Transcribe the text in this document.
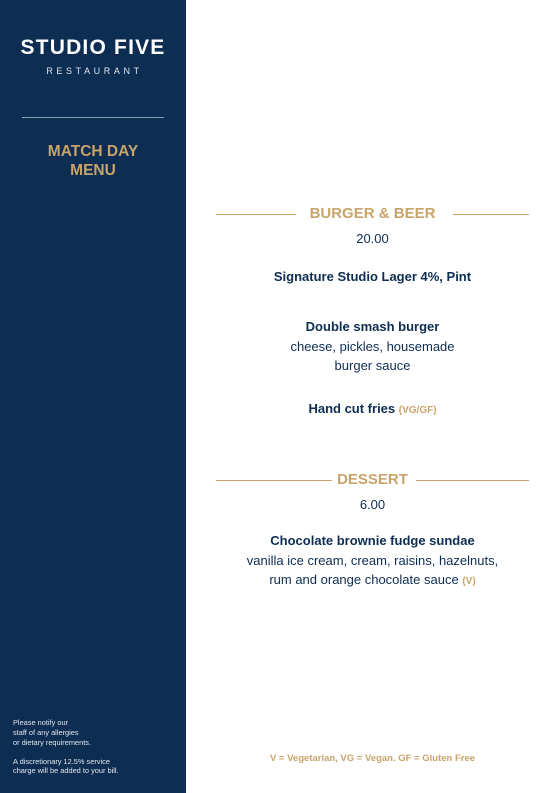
STUDIO FIVE
RESTAURANT
MATCH DAY
MENU

Please notify our
staff of any allergies
or dietary requirements.

A discretionary 12.5% service
charge will be added to your bill.

BURGER & BEER
20.00
Signature Studio Lager 4%, Pint
Double smash burger
cheese, pickles, housemade
burger sauce
Hand cut fries (VG/GF)
DESSERT
6.00
Chocolate brownie fudge sundae
vanilla ice cream, cream, raisins, hazelnuts,
rum and orange chocolate sauce (V)
V = Vegetarian, VG = Vegan. GF = Gluten Free
